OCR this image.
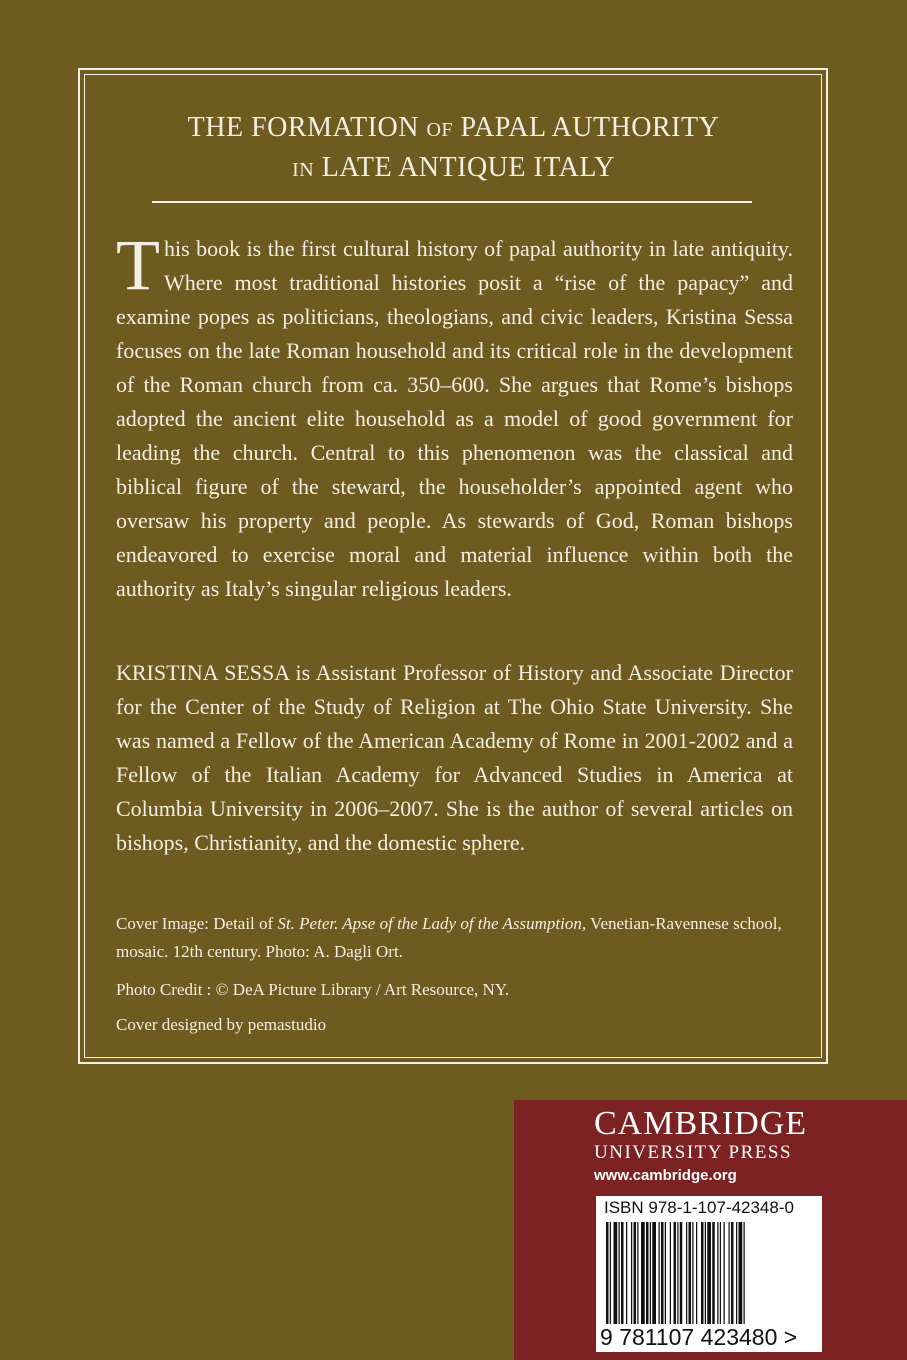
THE FORMATION OF PAPAL AUTHORITY
IN LATE ANTIQUE ITALY

This book is the first cultural history of papal authority in late antiquity. Where most traditional histories posit a “rise of the papacy” and examine popes as politicians, theologians, and civic leaders, Kristina Sessa focuses on the late Roman household and its critical role in the development of the Roman church from ca. 350–600. She argues that Rome’s bishops adopted the ancient elite household as a model of good government for leading the church. Central to this phenomenon was the classical and biblical figure of the steward, the householder’s appointed agent who oversaw his property and people. As stewards of God, Roman bishops endeavored to exercise moral and material influence within both the authority as Italy’s singular religious leaders.

KRISTINA SESSA is Assistant Professor of History and Associate Director for the Center of the Study of Religion at The Ohio State University. She was named a Fellow of the American Academy of Rome in 2001-2002 and a Fellow of the Italian Academy for Advanced Studies in America at Columbia University in 2006–2007. She is the author of several articles on bishops, Christianity, and the domestic sphere.

Cover Image: Detail of St. Peter. Apse of the Lady of the Assumption, Venetian-Ravennese school, mosaic. 12th century. Photo: A. Dagli Ort.

Photo Credit : © DeA Picture Library / Art Resource, NY.

Cover designed by pemastudio

CAMBRIDGE
UNIVERSITY PRESS
www.cambridge.org
ISBN 978-1-107-42348-0
9 781107 423480 >
